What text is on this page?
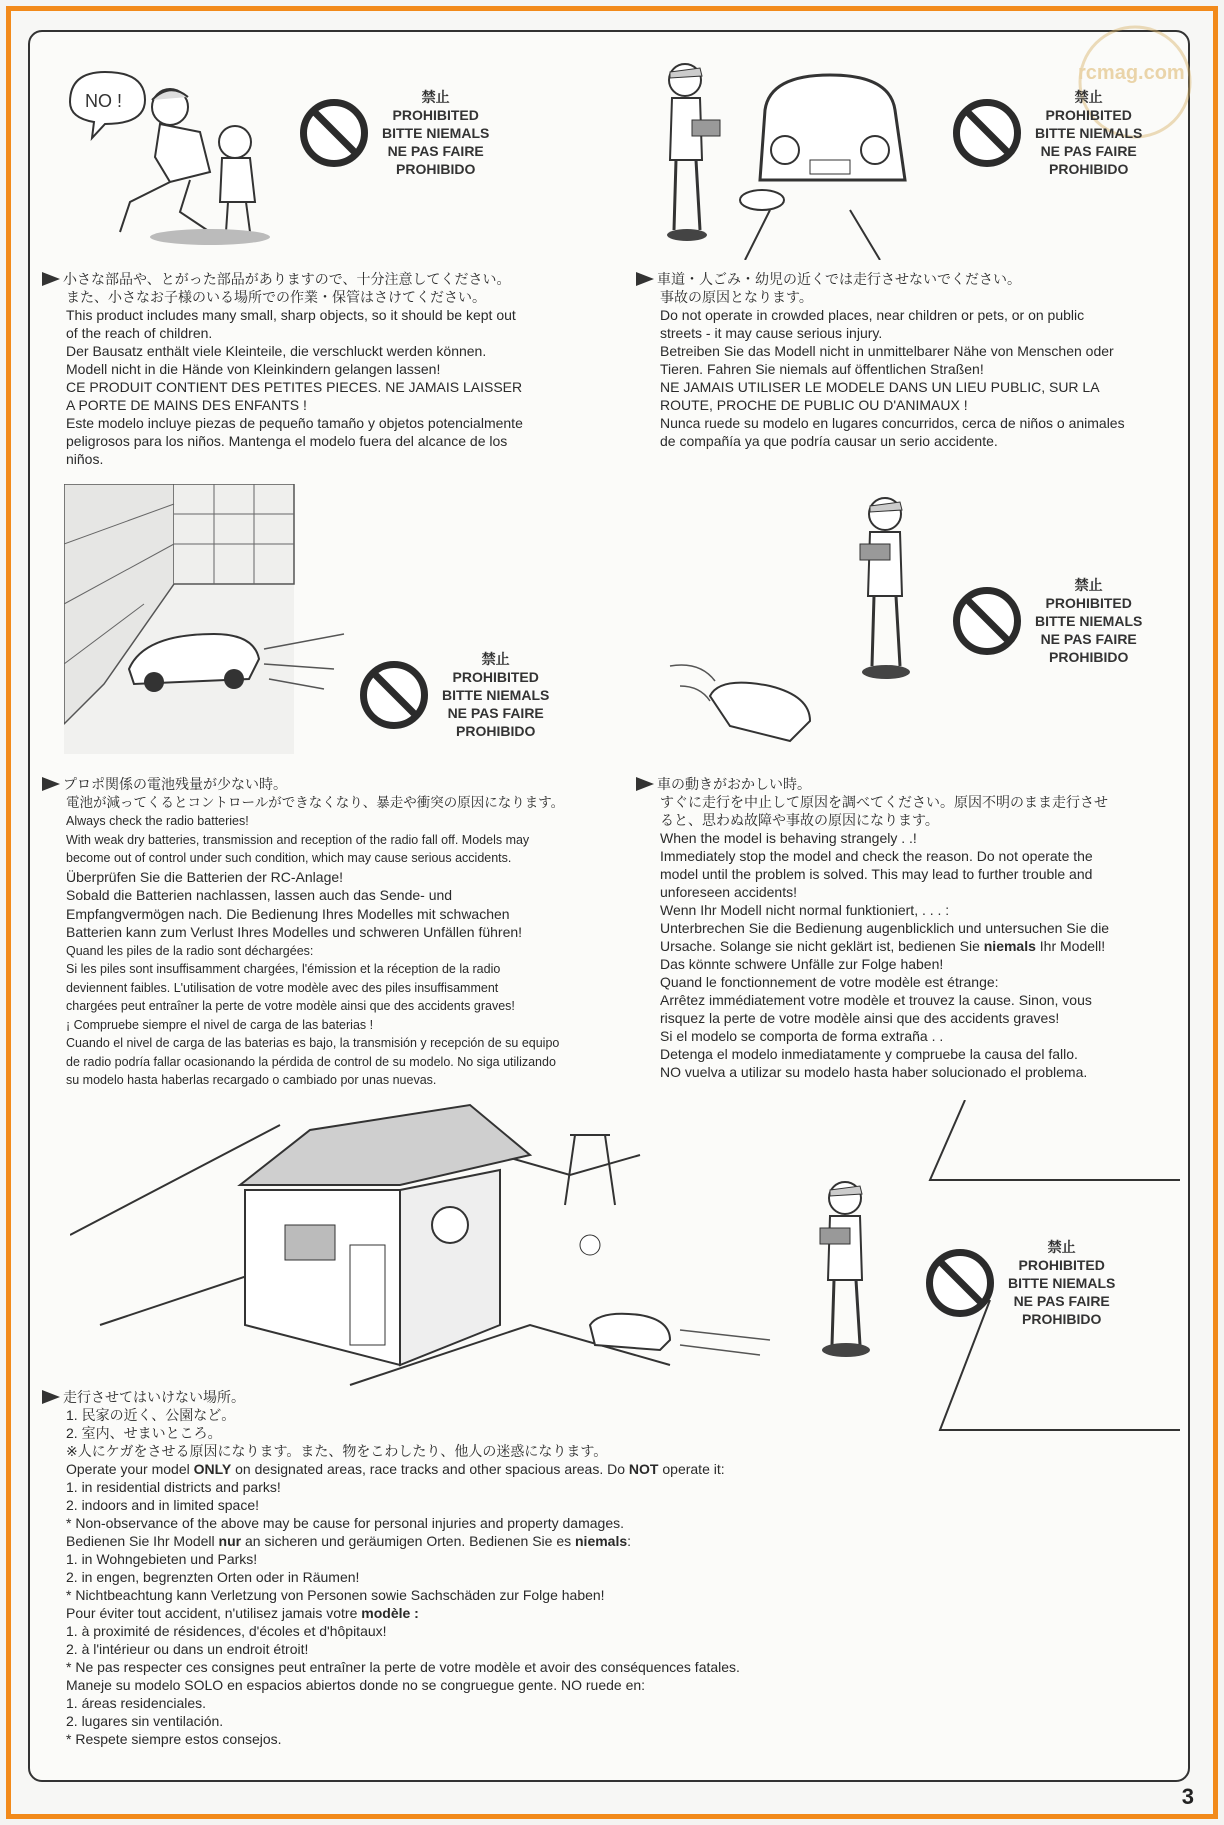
rcmag.com
NO !	禁止
PROHIBITED
BITTE NIEMALS
NE PAS FAIRE
PROHIBIDO
禁止
PROHIBITED
BITTE NIEMALS
NE PAS FAIRE
PROHIBIDO
禁止
PROHIBITED
BITTE NIEMALS
NE PAS FAIRE
PROHIBIDO
禁止
PROHIBITED
BITTE NIEMALS
NE PAS FAIRE
PROHIBIDO
禁止
PROHIBITED
BITTE NIEMALS
NE PAS FAIRE
PROHIBIDO

小さな部品や、とがった部品がありますので、十分注意してください。

また、小さなお子様のいる場所での作業・保管はさけてください。

This product includes many small, sharp objects, so it should be kept out
of the reach of children.

Der Bausatz enthält viele Kleinteile, die verschluckt werden können.
Modell nicht in die Hände von Kleinkindern gelangen lassen!

CE PRODUIT CONTIENT DES PETITES PIECES. NE JAMAIS LAISSER
A PORTE DE MAINS DES ENFANTS !

Este modelo incluye piezas de pequeño tamaño y objetos potencialmente
peligrosos para los niños. Mantenga el modelo fuera del alcance de los
niños.

車道・人ごみ・幼児の近くでは走行させないでください。

事故の原因となります。

Do not operate in crowded places, near children or pets, or on public
streets - it may cause serious injury.

Betreiben Sie das Modell nicht in unmittelbarer Nähe von Menschen oder
Tieren. Fahren Sie niemals auf öffentlichen Straßen!

NE JAMAIS UTILISER LE MODELE DANS UN LIEU PUBLIC, SUR LA
ROUTE, PROCHE DE PUBLIC OU D'ANIMAUX !

Nunca ruede su modelo en lugares concurridos, cerca de niños o animales
de compañía ya que podría causar un serio accidente.

プロポ関係の電池残量が少ない時。

電池が減ってくるとコントロールができなくなり、暴走や衝突の原因になります。

Always check the radio batteries!

With weak dry batteries, transmission and reception of the radio fall off. Models may
become out of control under such condition, which may cause serious accidents.

Überprüfen Sie die Batterien der RC-Anlage!

Sobald die Batterien nachlassen, lassen auch das Sende- und
Empfangvermögen nach. Die Bedienung Ihres Modelles mit schwachen
Batterien kann zum Verlust Ihres Modelles und schweren Unfällen führen!

Quand les piles de la radio sont déchargées:

Si les piles sont insuffisamment chargées, l'émission et la réception de la radio
deviennent faibles. L'utilisation de votre modèle avec des piles insuffisamment
chargées peut entraîner la perte de votre modèle ainsi que des accidents graves!

¡ Compruebe siempre el nivel de carga de las baterias !

Cuando el nivel de carga de las baterias es bajo, la transmisión y recepción de su equipo
de radio podría fallar ocasionando la pérdida de control de su modelo. No siga utilizando
su modelo hasta haberlas recargado o cambiado por unas nuevas.

車の動きがおかしい時。

すぐに走行を中止して原因を調べてください。原因不明のまま走行させ
ると、思わぬ故障や事故の原因になります。

When the model is behaving strangely . .!

Immediately stop the model and check the reason. Do not operate the
model until the problem is solved. This may lead to further trouble and
unforeseen accidents!

Wenn Ihr Modell nicht normal funktioniert, . . . :

Unterbrechen Sie die Bedienung augenblicklich und untersuchen Sie die
Ursache. Solange sie nicht geklärt ist, bedienen Sie niemals Ihr Modell!
Das könnte schwere Unfälle zur Folge haben!

Quand le fonctionnement de votre modèle est étrange:

Arrêtez immédiatement votre modèle et trouvez la cause. Sinon, vous
risquez la perte de votre modèle ainsi que des accidents graves!

Si el modelo se comporta de forma extraña . .

Detenga el modelo inmediatamente y compruebe la causa del fallo.
NO vuelva a utilizar su modelo hasta haber solucionado el problema.

走行させてはいけない場所。

1. 民家の近く、公園など。
2. 室内、せまいところ。
※人にケガをさせる原因になります。また、物をこわしたり、他人の迷惑になります。

Operate your model ONLY on designated areas, race tracks and other spacious areas. Do NOT operate it:

1. in residential districts and parks!
2. indoors and in limited space!
* Non-observance of the above may be cause for personal injuries and property damages.

Bedienen Sie Ihr Modell nur an sicheren und geräumigen Orten. Bedienen Sie es niemals:

1. in Wohngebieten und Parks!
2. in engen, begrenzten Orten oder in Räumen!
* Nichtbeachtung kann Verletzung von Personen sowie Sachschäden zur Folge haben!

Pour éviter tout accident, n'utilisez jamais votre modèle :

1. à proximité de résidences, d'écoles et d'hôpitaux!
2. à l'intérieur ou dans un endroit étroit!
* Ne pas respecter ces consignes peut entraîner la perte de votre modèle et avoir des conséquences fatales.

Maneje su modelo SOLO en espacios abiertos donde no se congruegue gente. NO ruede en:
1. áreas residenciales.
2. lugares sin ventilación.
* Respete siempre estos consejos.

3
